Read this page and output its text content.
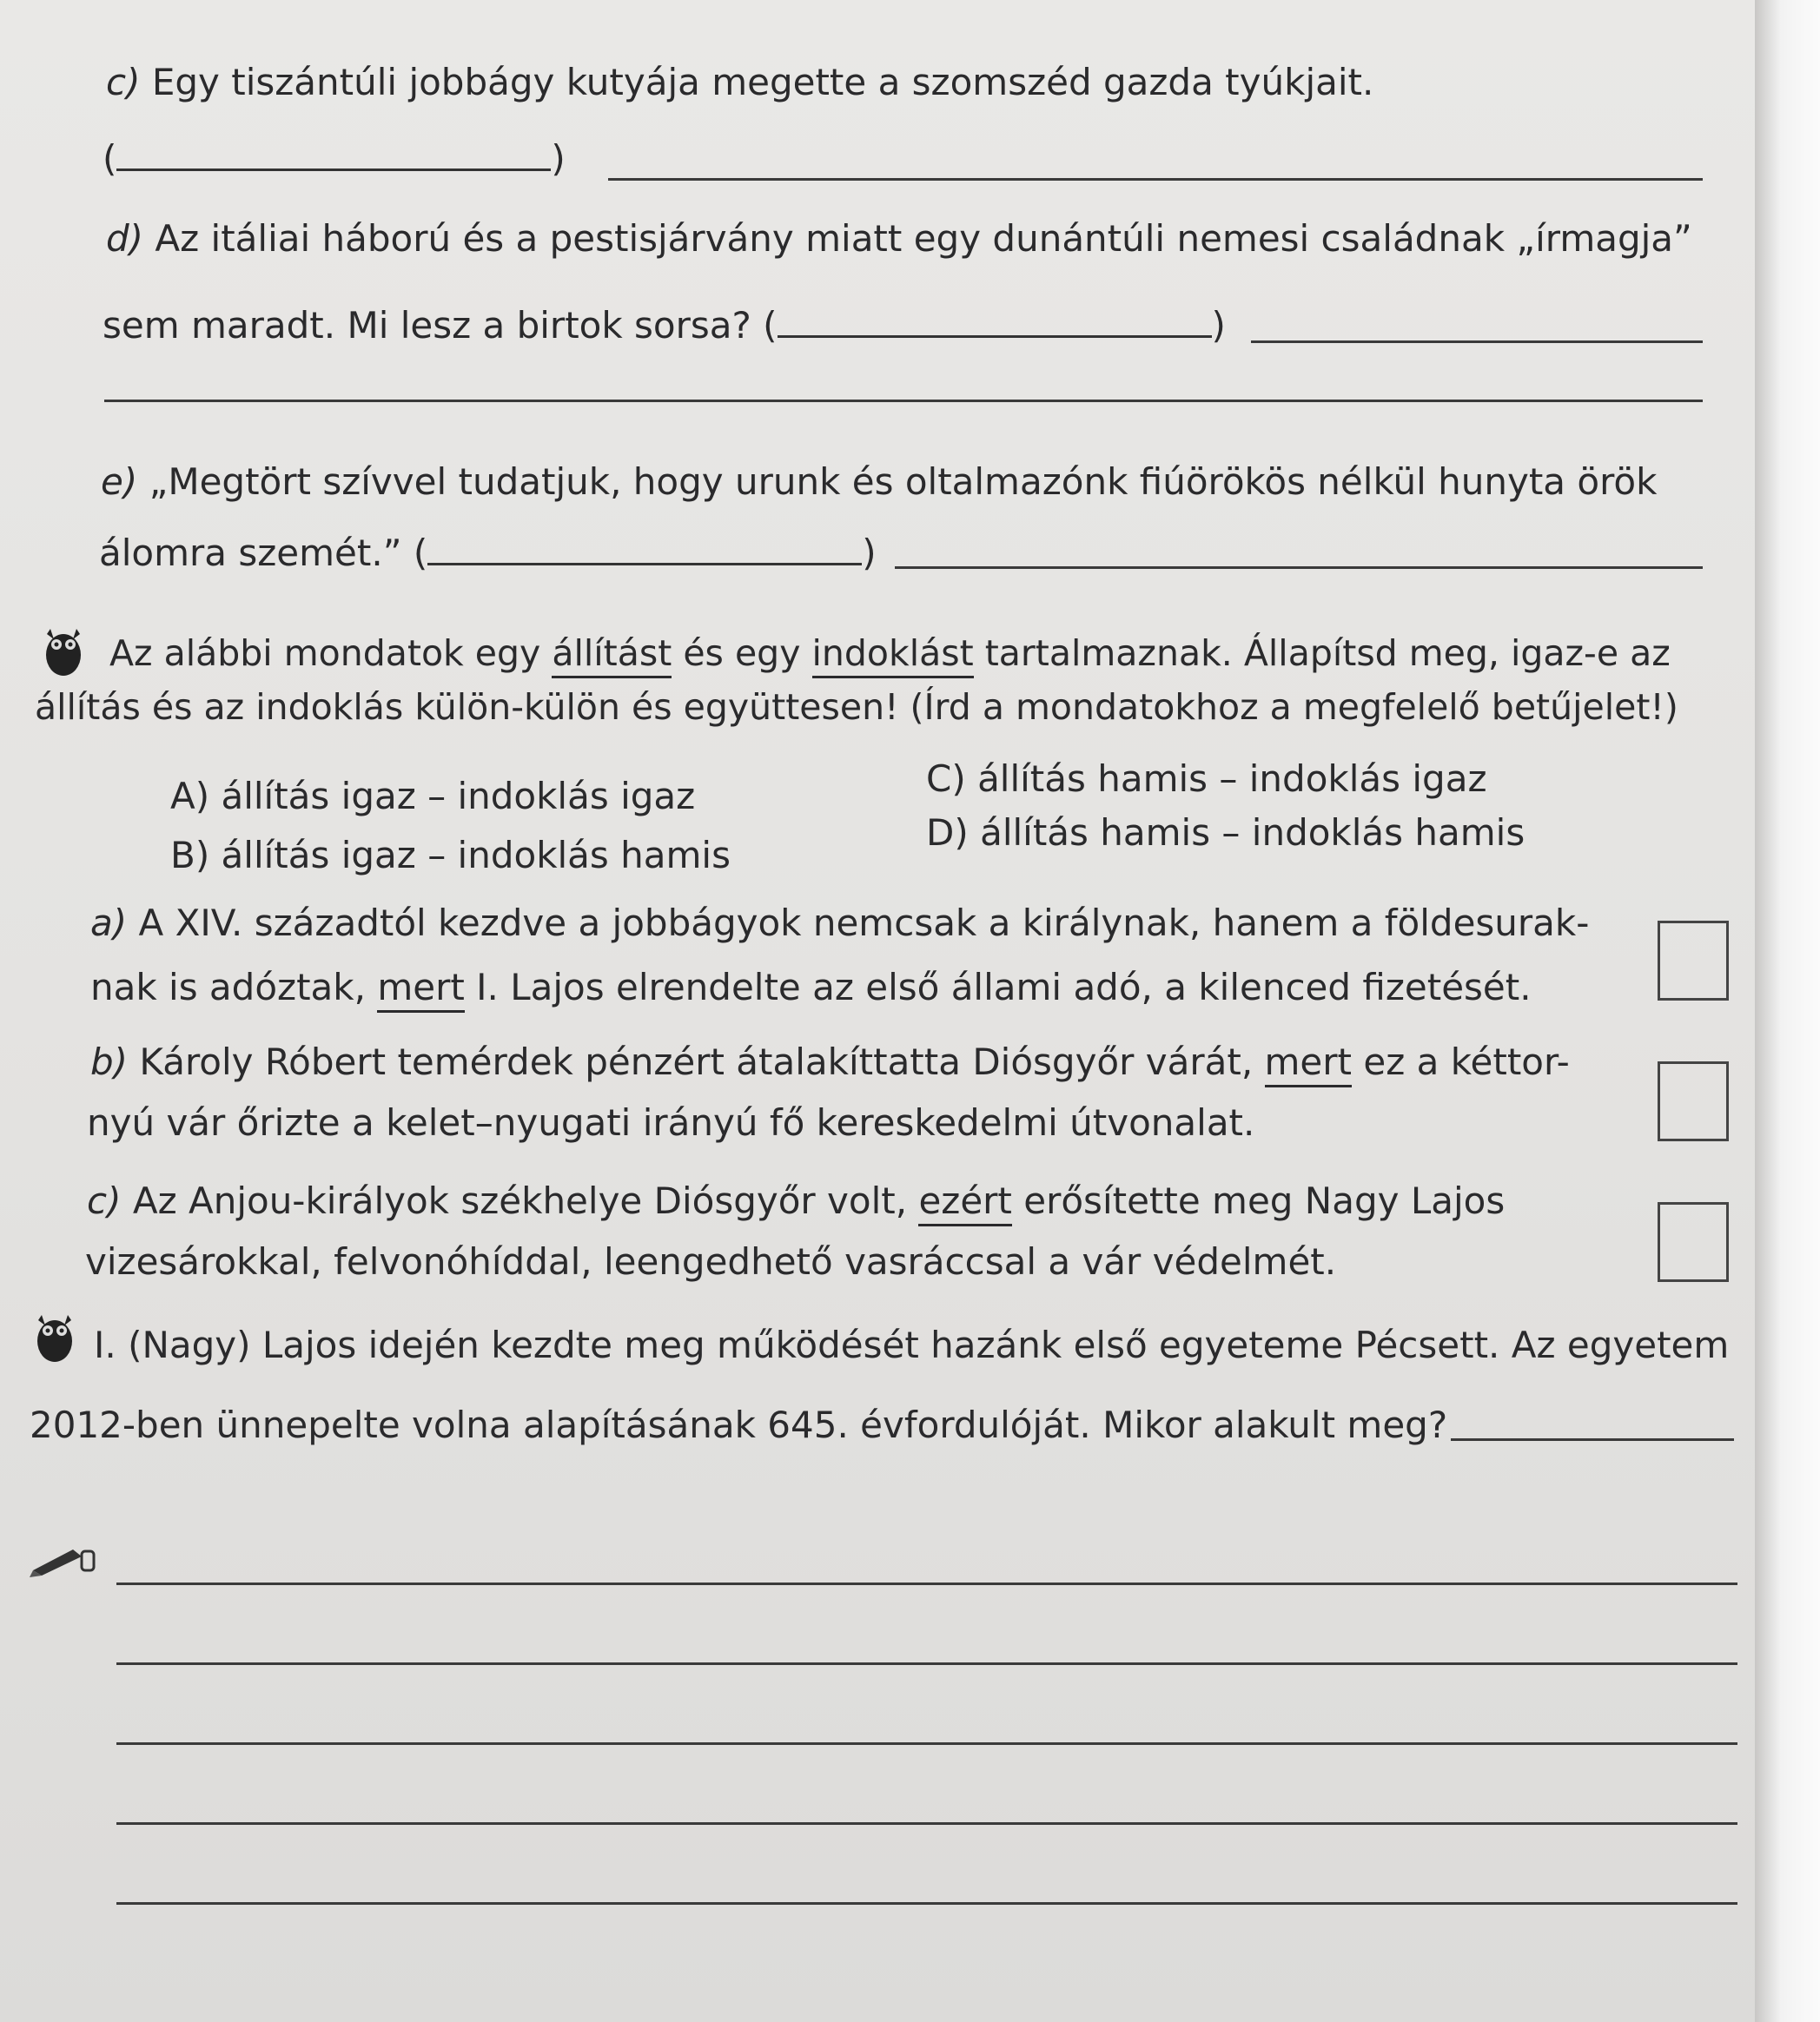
c) Egy tiszántúli jobbágy kutyája megette a szomszéd gazda tyúkjait.
(	)
d) Az itáliai háború és a pestisjárvány miatt egy dunántúli nemesi családnak „írmagja”
sem maradt. Mi lesz a birtok sorsa? (	)
e) „Megtört szívvel tudatjuk, hogy urunk és oltalmazónk fiúörökös nélkül hunyta örök
álomra szemét.” (	)
Az alábbi mondatok egy állítást és egy indoklást tartalmaznak. Állapítsd meg, igaz-e az
állítás és az indoklás külön-külön és együttesen! (Írd a mondatokhoz a megfelelő betűjelet!)
A) állítás igaz – indoklás igaz
B) állítás igaz – indoklás hamis
C) állítás hamis – indoklás igaz
D) állítás hamis – indoklás hamis
a) A XIV. századtól kezdve a jobbágyok nemcsak a királynak, hanem a földesurak-
nak is adóztak, mert I. Lajos elrendelte az első állami adó, a kilenced fizetését.
b) Károly Róbert temérdek pénzért átalakíttatta Diósgyőr várát, mert ez a kéttor-
nyú vár őrizte a kelet–nyugati irányú fő kereskedelmi útvonalat.
c) Az Anjou-királyok székhelye Diósgyőr volt, ezért erősítette meg Nagy Lajos
vizesárokkal, felvonóhíddal, leengedhető vasráccsal a vár védelmét.
I. (Nagy) Lajos idején kezdte meg működését hazánk első egyeteme Pécsett. Az egyetem
2012-ben ünnepelte volna alapításának 645. évfordulóját. Mikor alakult meg?
